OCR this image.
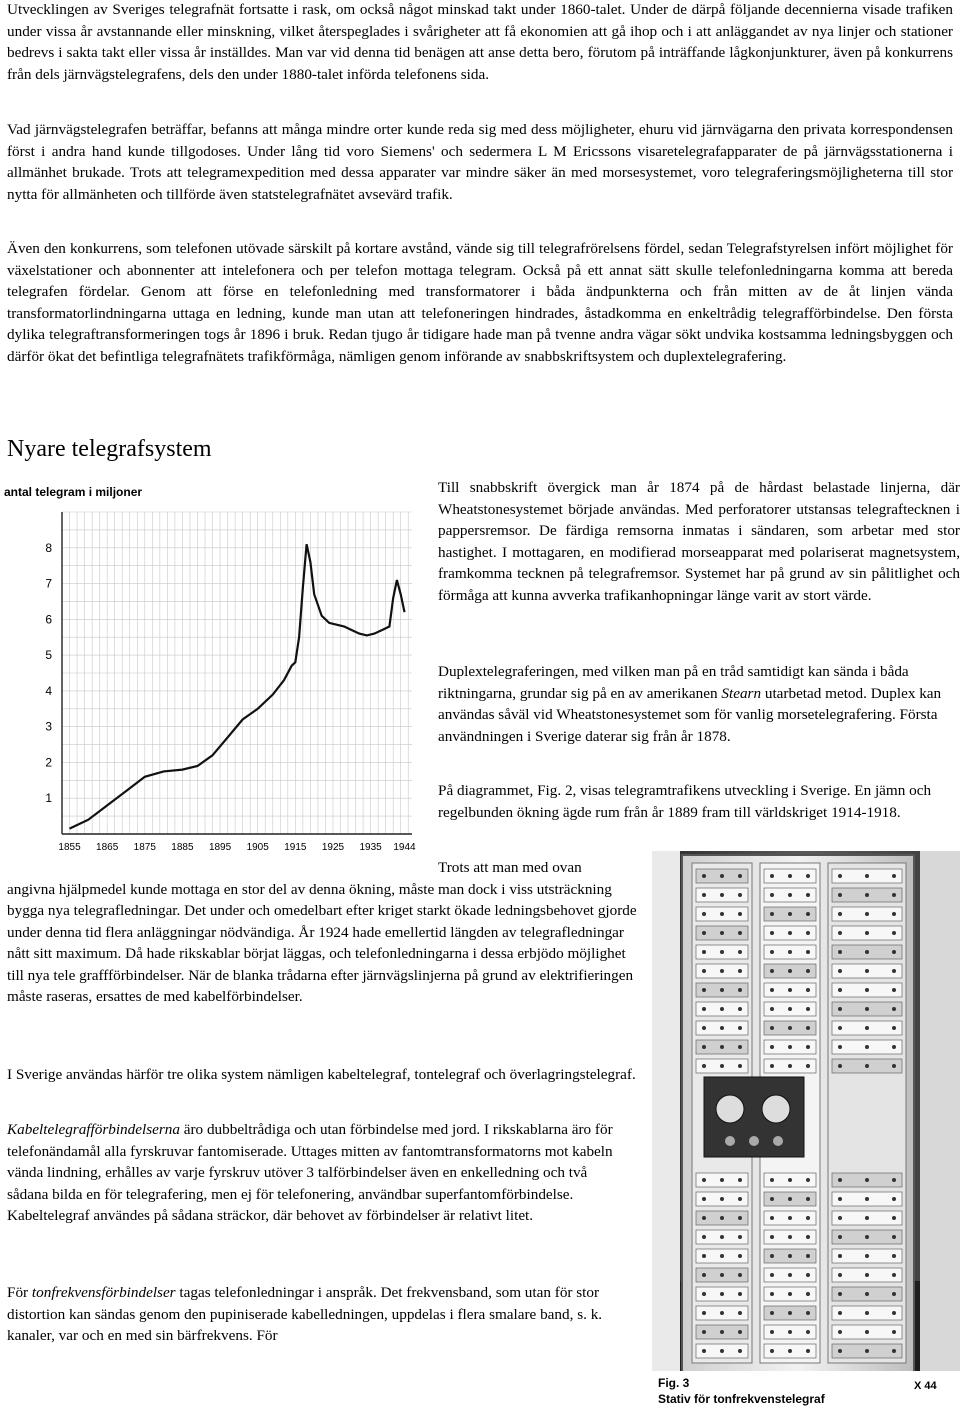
Utvecklingen av Sveriges telegrafnät fortsatte i rask, om också något minskad takt under 1860-talet. Under de därpå följande decennierna visade trafiken under vissa år avstannande eller minskning, vilket återspeglades i svårigheter att få ekonomien att gå ihop och i att anläggandet av nya linjer och stationer bedrevs i sakta takt eller vissa år inställdes. Man var vid denna tid benägen att anse detta bero, förutom på inträffande lågkonjunkturer, även på konkurrens från dels järnvägstelegrafens, dels den under 1880-talet införda telefonens sida.

Vad järnvägstelegrafen beträffar, befanns att många mindre orter kunde reda sig med dess möjligheter, ehuru vid järnvägarna den privata korrespondensen först i andra hand kunde tillgodoses. Under lång tid voro Siemens' och sedermera L M Ericssons visaretelegrafapparater de på järnvägsstationerna i allmänhet brukade. Trots att telegramexpedition med dessa apparater var mindre säker än med morsesystemet, voro telegraferingsmöjligheterna till stor nytta för allmänheten och tillförde även statstelegrafnätet avsevärd trafik.

Även den konkurrens, som telefonen utövade särskilt på kortare avstånd, vände sig till telegrafrörelsens fördel, sedan Telegrafstyrelsen infört möjlighet för växelstationer och abonnenter att intelefonera och per telefon mottaga telegram. Också på ett annat sätt skulle telefonledningarna komma att bereda telegrafen fördelar. Genom att förse en telefonledning med transformatorer i båda ändpunkterna och från mitten av de åt linjen vända transformatorlindningarna uttaga en ledning, kunde man utan att telefoneringen hindrades, åstadkomma en enkeltrådig telegrafförbindelse. Den första dylika telegraftransformeringen togs år 1896 i bruk. Redan tjugo år tidigare hade man på tvenne andra vägar sökt undvika kostsamma ledningsbyggen och därför ökat det befintliga telegrafnätets trafikförmåga, nämligen genom införande av snabbskriftsystem och duplextelegrafering.

Nyare telegrafsystem
1
2
3
4
5
6
7
8
1855 1865 1875 1885 1895 1905 1915 1925 1935 1944
antal telegram i miljoner	Till snabbskrift övergick man år 1874 på de hårdast belastade linjerna, där Wheatstonesystemet började användas. Med perforatorer utstansas telegraftecknen i pappersremsor. De färdiga remsorna inmatas i sändaren, som arbetar med stor hastighet. I mottagaren, en modifierad morseapparat med polariserat magnetsystem, framkomma tecknen på telegrafremsor. Systemet har på grund av sin pålitlighet och förmåga att kunna avverka trafikanhopningar länge varit av stort värde.

Duplextelegraferingen, med vilken man på en tråd samtidigt kan sända i båda riktningarna, grundar sig på en av amerikanen Stearn utarbetad metod. Duplex kan användas såväl vid Wheatstonesystemet som för vanlig morsetelegrafering. Första användningen i Sverige daterar sig från år 1878.

På diagrammet, Fig. 2, visas telegramtrafikens utveckling i Sverige. En jämn och regelbunden ökning ägde rum från år 1889 fram till världskriget 1914-1918.

Trots att man med ovan
angivna hjälpmedel kunde mottaga en stor del av denna ökning, måste man dock i viss utsträckning bygga nya telegrafledningar. Det under och omedelbart efter kriget starkt ökade ledningsbehovet gjorde under denna tid flera anläggningar nödvändiga. År 1924 hade emellertid längden av telegrafledningar nått sitt maximum. Då hade rikskablar börjat läggas, och telefonledningarna i dessa erbjödo möjlighet till nya tele graffförbindelser. När de blanka trådarna efter järnvägslinjerna på grund av elektrifieringen måste raseras, ersattes de med kabelförbindelser.

I Sverige användas härför tre olika system nämligen kabeltelegraf, tontelegraf och överlagringstelegraf.

Kabeltelegrafförbindelserna äro dubbeltrådiga och utan förbindelse med jord. I rikskablarna äro för telefonändamål alla fyrskruvar fantomiserade. Uttages mitten av fantomtransformatorns mot kabeln vända lindning, erhålles av varje fyrskruv utöver 3 talförbindelser även en enkelledning och två sådana bilda en för telegrafering, men ej för telefonering, användbar superfantomförbindelse. Kabeltelegraf användes på sådana sträckor, där behovet av förbindelser är relativt litet.

För tonfrekvensförbindelser tagas telefonledningar i anspråk. Det frekvensband, som utan för stor distortion kan sändas genom den pupiniserade kabelledningen, uppdelas i flera smalare band, s. k. kanaler, var och en med sin bärfrekvens. För

Fig. 3
Stativ för tonfrekvenstelegraf
X 44
